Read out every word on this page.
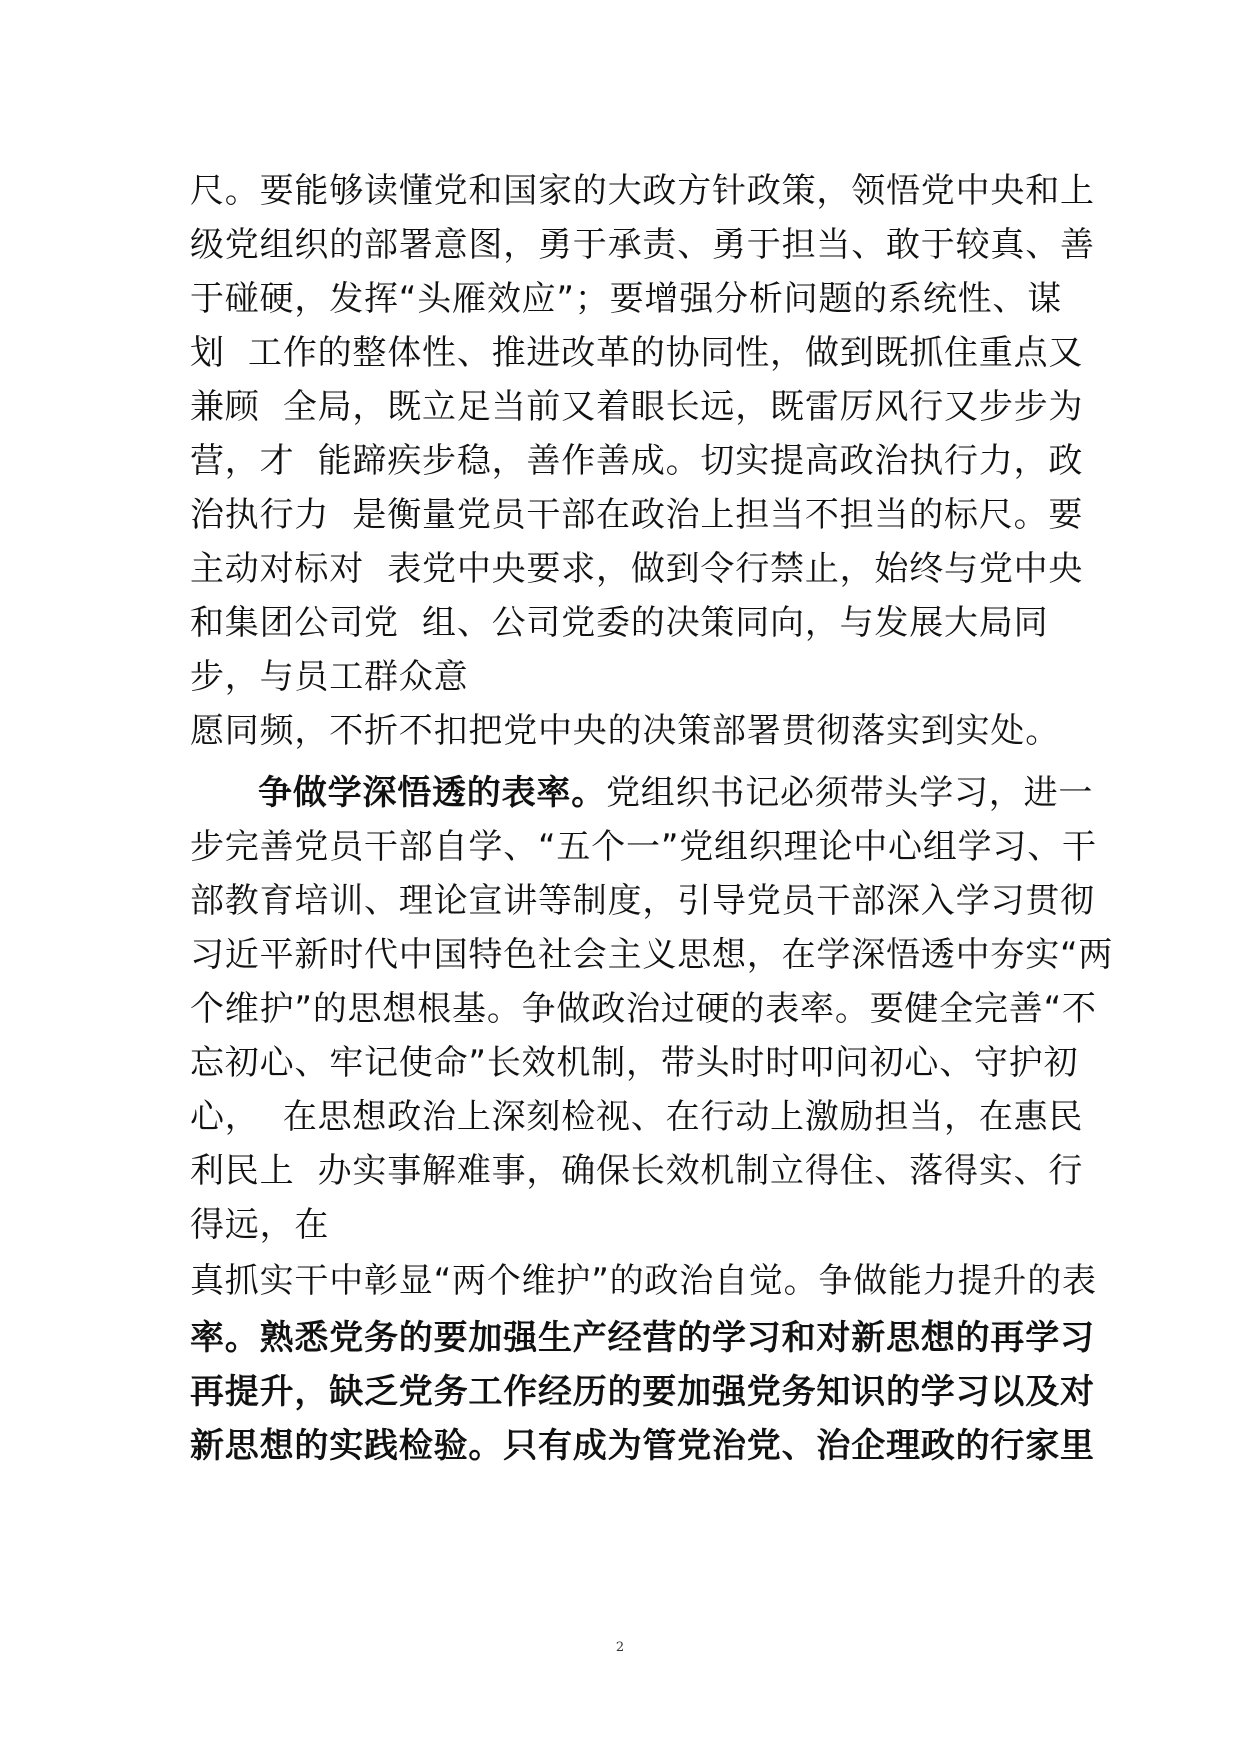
尺。要能够读懂党和国家的大政方针政策，领悟党中央和上
级党组织的部署意图，勇于承责、勇于担当、敢于较真、善
于碰硬，发挥“头雁效应”；要增强分析问题的系统性、谋
划  工作的整体性、推进改革的协同性，做到既抓住重点又
兼顾  全局，既立足当前又着眼长远，既雷厉风行又步步为
营，才  能蹄疾步稳，善作善成。切实提高政治执行力，政
治执行力  是衡量党员干部在政治上担当不担当的标尺。要
主动对标对  表党中央要求，做到令行禁止，始终与党中央
和集团公司党  组、公司党委的决策同向，与发展大局同
步，与员工群众意
愿同频，不折不扣把党中央的决策部署贯彻落实到实处。
争做学深悟透的表率。党组织书记必须带头学习，进一
步完善党员干部自学、“五个一”党组织理论中心组学习、干
部教育培训、理论宣讲等制度，引导党员干部深入学习贯彻
习近平新时代中国特色社会主义思想，在学深悟透中夯实“两
个维护”的思想根基。争做政治过硬的表率。要健全完善“不
忘初心、牢记使命”长效机制，带头时时叩问初心、守护初
心，  在思想政治上深刻检视、在行动上激励担当，在惠民
利民上  办实事解难事，确保长效机制立得住、落得实、行
得远，在
真抓实干中彰显“两个维护”的政治自觉。争做能力提升的表
率。熟悉党务的要加强生产经营的学习和对新思想的再学习
再提升，缺乏党务工作经历的要加强党务知识的学习以及对
新思想的实践检验。只有成为管党治党、治企理政的行家里
2
